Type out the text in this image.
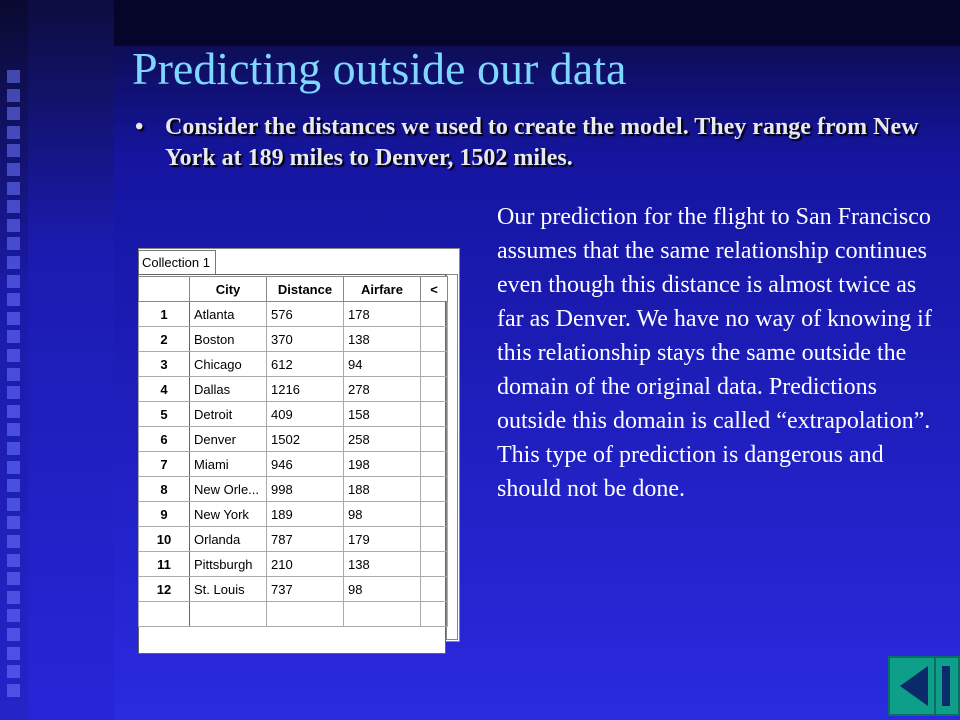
Predicting outside our data
• Consider the distances we used to create the model. They range from New York at 189 miles to Denver, 1502 miles.
Our prediction for the flight to San Francisco assumes that the same relationship continues even though this distance is almost twice as far as Denver. We have no way of knowing if this relationship stays the same outside the domain of the original data. Predictions outside this domain is called “extrapolation”. This type of prediction is dangerous and should not be done.
Collection 1
	City	Distance	Airfare	<
1	Atlanta	576	178	
2	Boston	370	138	
3	Chicago	612	94	
4	Dallas	1216	278	
5	Detroit	409	158	
6	Denver	1502	258	
7	Miami	946	198	
8	New Orle...	998	188	
9	New York	189	98	
10	Orlanda	787	179	
11	Pittsburgh	210	138	
12	St. Louis	737	98	
